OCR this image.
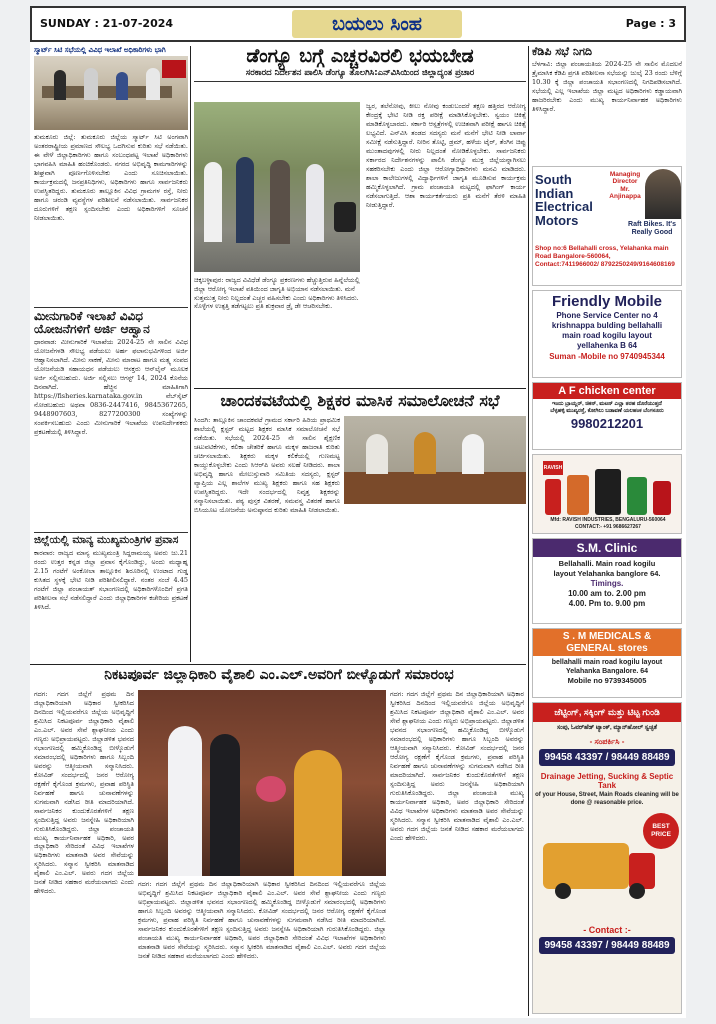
SUNDAY : 21-07-2024	ಬಯಲು ಸಿಂಹ	Page : 3
ಸ್ಮಾರ್ಟ್ ಸಿಟಿ ಸಭೆಯಲ್ಲಿ ವಿವಿಧ ಇಲಾಖೆ ಅಧಿಕಾರಿಗಳು ಭಾಗಿ
ತುಮಕೂರು ಜಿಲ್ಲೆ: ತುಮಕೂರು ಜಿಲ್ಲೆಯ ಸ್ಮಾರ್ಟ್ ಸಿಟಿ ಅಂಗವಾಗಿ ಅಂತರರಾಷ್ಟ್ರೀಯ ಪ್ರಮಾಣದ ಸೌಲಭ್ಯ ಒದಗಿಸುವ ಕುರಿತು ಸಭೆ ನಡೆಯಿತು. ಈ ವೇಳೆ ಜಿಲ್ಲಾಧಿಕಾರಿಗಳು ಹಾಗೂ ಸಂಬಂಧಪಟ್ಟ ಇಲಾಖೆ ಅಧಿಕಾರಿಗಳು ಭಾಗವಹಿಸಿ ಮಾಹಿತಿ ಹಂಚಿಕೊಂಡರು. ನಗರದ ಅಭಿವೃದ್ಧಿ ಕಾಮಗಾರಿಗಳನ್ನು ಶೀಘ್ರವಾಗಿ ಪೂರ್ಣಗೊಳಿಸಬೇಕು ಎಂದು ಸೂಚಿಸಲಾಯಿತು. ಕಾರ್ಯಕ್ರಮದಲ್ಲಿ ಜನಪ್ರತಿನಿಧಿಗಳು, ಅಧಿಕಾರಿಗಳು ಹಾಗೂ ಸಾರ್ವಜನಿಕರು ಉಪಸ್ಥಿತರಿದ್ದರು. ತುಮಕೂರು ತಾಲ್ಲೂಕಿನ ವಿವಿಧ ಗ್ರಾಮಗಳ ರಸ್ತೆ, ನೀರು ಹಾಗೂ ಚರಂಡಿ ವ್ಯವಸ್ಥೆಗಳ ಪರಿಶೀಲನೆ ನಡೆಸಲಾಯಿತು. ಸಾರ್ವಜನಿಕರ ದೂರುಗಳಿಗೆ ತಕ್ಷಣ ಸ್ಪಂದಿಸಬೇಕು ಎಂದು ಅಧಿಕಾರಿಗಳಿಗೆ ಸೂಚನೆ ನೀಡಲಾಯಿತು.
ಮೀನುಗಾರಿಕೆ ಇಲಾಖೆ ವಿವಿಧ ಯೋಜನೆಗಳಿಗೆ ಅರ್ಜಿ ಆಹ್ವಾನ
ಧಾರವಾಡ: ಮೀನುಗಾರಿಕೆ ಇಲಾಖೆಯ 2024-25 ನೇ ಸಾಲಿನ ವಿವಿಧ ಯೋಜನೆಗಳಡಿ ಸೌಲಭ್ಯ ಪಡೆಯಲು ಅರ್ಹ ಫಲಾನುಭವಿಗಳಿಂದ ಅರ್ಜಿ ಆಹ್ವಾನಿಸಲಾಗಿದೆ. ಮೀನು ಸಾಕಣೆ, ಮೀನು ಮಾರಾಟ ಹಾಗೂ ಮತ್ಸ್ಯ ಸಂಪದ ಯೋಜನೆಯಡಿ ಸಹಾಯಧನ ಪಡೆಯಲು ಆಸಕ್ತರು ಆನ್‌ಲೈನ್ ಮೂಲಕ ಅರ್ಜಿ ಸಲ್ಲಿಸಬಹುದು. ಅರ್ಜಿ ಸಲ್ಲಿಸಲು ಆಗಸ್ಟ್ 14, 2024 ಕೊನೆಯ ದಿನವಾಗಿದೆ. ಹೆಚ್ಚಿನ ಮಾಹಿತಿಗಾಗಿ https://fisheries.karnataka.gov.in ವೆಬ್‌ಸೈಟ್ ನೋಡಬಹುದು ಅಥವಾ 0836-2447416, 9845367265, 9448907603, 8277200300 ಸಂಖ್ಯೆಗಳನ್ನು ಸಂಪರ್ಕಿಸಬಹುದು ಎಂದು ಮೀನುಗಾರಿಕೆ ಇಲಾಖೆಯ ಉಪನಿರ್ದೇಶಕರು ಪ್ರಕಟಣೆಯಲ್ಲಿ ತಿಳಿಸಿದ್ದಾರೆ.
ಜಿಲ್ಲೆಯಲ್ಲಿ ಮಾನ್ಯ ಮುಖ್ಯಮಂತ್ರಿಗಳ ಪ್ರವಾಸ
ಕಾರವಾರ: ರಾಜ್ಯದ ಮಾನ್ಯ ಮುಖ್ಯಮಂತ್ರಿ ಸಿದ್ದರಾಮಯ್ಯ ಅವರು ಜು.21 ರಂದು ಉತ್ತರ ಕನ್ನಡ ಜಿಲ್ಲಾ ಪ್ರವಾಸ ಕೈಗೊಂಡಿದ್ದು, ಅಂದು ಮಧ್ಯಾಹ್ನ 2.15 ಗಂಟೆಗೆ ಅಂಕೋಲಾ ತಾಲ್ಲೂಕಿನ ಶಿರೂರಿನಲ್ಲಿ ಉಂಟಾದ ಗುಡ್ಡ ಕುಸಿತದ ಸ್ಥಳಕ್ಕೆ ಭೇಟಿ ನೀಡಿ ಪರಿಶೀಲಿಸಲಿದ್ದಾರೆ. ನಂತರ ಸಂಜೆ 4.45 ಗಂಟೆಗೆ ಜಿಲ್ಲಾ ಪಂಚಾಯತ್ ಸಭಾಂಗಣದಲ್ಲಿ ಅಧಿಕಾರಿಗಳೊಂದಿಗೆ ಪ್ರಗತಿ ಪರಿಶೀಲನಾ ಸಭೆ ನಡೆಸಲಿದ್ದಾರೆ ಎಂದು ಜಿಲ್ಲಾಧಿಕಾರಿಗಳ ಕಚೇರಿಯ ಪ್ರಕಟಣೆ ತಿಳಿಸಿದೆ.
ಡೆಂಗ್ಯೂ ಬಗ್ಗೆ ಎಚ್ಚರವಿರಲಿ ಭಯಬೇಡ
ಸರಕಾರದ ನಿರ್ದೇಶನ ಪಾಲಿಸಿ ಡೆಂಗ್ಯೂ ತೊಲಗಿಸಿ:ಎನ್‌ವಿಸಿಯಿಂದ ಜಿಲ್ಲಾದ್ಯಂತ ಪ್ರಚಾರ
ಚಿಕ್ಕಬಳ್ಳಾಪುರ: ರಾಜ್ಯದ ವಿವಿಧೆಡೆ ಡೆಂಗ್ಯೂ ಪ್ರಕರಣಗಳು ಹೆಚ್ಚುತ್ತಿರುವ ಹಿನ್ನೆಲೆಯಲ್ಲಿ ಜಿಲ್ಲಾ ಆರೋಗ್ಯ ಇಲಾಖೆ ವತಿಯಿಂದ ಜಾಗೃತಿ ಅಭಿಯಾನ ನಡೆಸಲಾಯಿತು. ಮನೆ ಸುತ್ತಮುತ್ತ ನೀರು ನಿಲ್ಲದಂತೆ ಎಚ್ಚರ ವಹಿಸಬೇಕು ಎಂದು ಅಧಿಕಾರಿಗಳು ತಿಳಿಸಿದರು. ಸೊಳ್ಳೆಗಳ ಉತ್ಪತ್ತಿ ತಡೆಗಟ್ಟಲು ಪ್ರತಿ ಶುಕ್ರವಾರ ಡ್ರೈ ಡೇ ಆಚರಿಸಬೇಕು.
ಜ್ವರ, ತಲೆನೋವು, ಕೀಲು ನೋವು ಕಂಡುಬಂದರೆ ತಕ್ಷಣ ಹತ್ತಿರದ ಆರೋಗ್ಯ ಕೇಂದ್ರಕ್ಕೆ ಭೇಟಿ ನೀಡಿ ರಕ್ತ ಪರೀಕ್ಷೆ ಮಾಡಿಸಿಕೊಳ್ಳಬೇಕು. ಸ್ವಯಂ ಚಿಕಿತ್ಸೆ ಮಾಡಿಕೊಳ್ಳಬಾರದು. ಸರ್ಕಾರಿ ಆಸ್ಪತ್ರೆಗಳಲ್ಲಿ ಉಚಿತವಾಗಿ ಪರೀಕ್ಷೆ ಹಾಗೂ ಚಿಕಿತ್ಸೆ ಲಭ್ಯವಿದೆ. ಎನ್‌ವಿಸಿ ತಂಡದ ಸದಸ್ಯರು ಮನೆ ಮನೆಗೆ ಭೇಟಿ ನೀಡಿ ಲಾರ್ವಾ ಸಮೀಕ್ಷೆ ನಡೆಸುತ್ತಿದ್ದಾರೆ. ನೀರಿನ ತೊಟ್ಟಿ, ಡ್ರಮ್, ಹಳೆಯ ಟೈರ್, ತೆಂಗಿನ ಚಿಪ್ಪು ಮುಂತಾದವುಗಳಲ್ಲಿ ನೀರು ನಿಲ್ಲದಂತೆ ನೋಡಿಕೊಳ್ಳಬೇಕು. ಸಾರ್ವಜನಿಕರು ಸರ್ಕಾರದ ನಿರ್ದೇಶನಗಳನ್ನು ಪಾಲಿಸಿ ಡೆಂಗ್ಯೂ ಮುಕ್ತ ಜಿಲ್ಲೆಯನ್ನಾಗಿಸಲು ಸಹಕರಿಸಬೇಕು ಎಂದು ಜಿಲ್ಲಾ ಆರೋಗ್ಯಾಧಿಕಾರಿಗಳು ಮನವಿ ಮಾಡಿದರು. ಶಾಲಾ ಕಾಲೇಜುಗಳಲ್ಲಿ ವಿದ್ಯಾರ್ಥಿಗಳಿಗೆ ಜಾಗೃತಿ ಮೂಡಿಸುವ ಕಾರ್ಯಕ್ರಮ ಹಮ್ಮಿಕೊಳ್ಳಲಾಗಿದೆ. ಗ್ರಾಮ ಪಂಚಾಯತಿ ಮಟ್ಟದಲ್ಲಿ ಫಾಗಿಂಗ್ ಕಾರ್ಯ ನಡೆಸಲಾಗುತ್ತಿದೆ. ಆಶಾ ಕಾರ್ಯಕರ್ತೆಯರು ಪ್ರತಿ ಮನೆಗೆ ತೆರಳಿ ಮಾಹಿತಿ ನೀಡುತ್ತಿದ್ದಾರೆ.
ಚಾಂದಕವಟೆಯಲ್ಲಿ ಶಿಕ್ಷಕರ ಮಾಸಿಕ ಸಮಾಲೋಚನೆ ಸಭೆ
ಸಿಂದಗಿ: ತಾಲ್ಲೂಕಿನ ಚಾಂದಕವಟೆ ಗ್ರಾಮದ ಸರ್ಕಾರಿ ಹಿರಿಯ ಪ್ರಾಥಮಿಕ ಶಾಲೆಯಲ್ಲಿ ಕ್ಲಸ್ಟರ್ ಮಟ್ಟದ ಶಿಕ್ಷಕರ ಮಾಸಿಕ ಸಮಾಲೋಚನೆ ಸಭೆ ನಡೆಯಿತು. ಸಭೆಯಲ್ಲಿ 2024-25 ನೇ ಸಾಲಿನ ಶೈಕ್ಷಣಿಕ ಚಟುವಟಿಕೆಗಳು, ಕಲಿಕಾ ಚೇತರಿಕೆ ಹಾಗೂ ಮಕ್ಕಳ ಹಾಜರಾತಿ ಕುರಿತು ಚರ್ಚಿಸಲಾಯಿತು. ಶಿಕ್ಷಕರು ಮಕ್ಕಳ ಕಲಿಕೆಯಲ್ಲಿ ಗುಣಮಟ್ಟ ಕಾಯ್ದುಕೊಳ್ಳಬೇಕು ಎಂದು ಸಿಆರ್‌ಪಿ ಅವರು ಸಲಹೆ ನೀಡಿದರು. ಶಾಲಾ ಅಭಿವೃದ್ಧಿ ಹಾಗೂ ಮೇಲುಸ್ತುವಾರಿ ಸಮಿತಿಯ ಸದಸ್ಯರು, ಕ್ಲಸ್ಟರ್ ವ್ಯಾಪ್ತಿಯ ಎಲ್ಲ ಶಾಲೆಗಳ ಮುಖ್ಯ ಶಿಕ್ಷಕರು ಹಾಗೂ ಸಹ ಶಿಕ್ಷಕರು ಉಪಸ್ಥಿತರಿದ್ದರು. ಇದೇ ಸಂದರ್ಭದಲ್ಲಿ ನಿವೃತ್ತ ಶಿಕ್ಷಕರನ್ನು ಸನ್ಮಾನಿಸಲಾಯಿತು. ಪಠ್ಯ ಪುಸ್ತಕ ವಿತರಣೆ, ಸಮವಸ್ತ್ರ ವಿತರಣೆ ಹಾಗೂ ಬಿಸಿಯೂಟ ಯೋಜನೆಯ ಅನುಷ್ಠಾನದ ಕುರಿತು ಮಾಹಿತಿ ನೀಡಲಾಯಿತು.
ನಿಕಟಪೂರ್ವ ಜಿಲ್ಲಾಧಿಕಾರಿ ವೈಶಾಲಿ ಎಂ.ಎಲ್.ಅವರಿಗೆ ಬೀಳ್ಕೊಡುಗೆ ಸಮಾರಂಭ
ಗದಗ: ಗದಗ ಜಿಲ್ಲೆಗೆ ಪ್ರಥಮ ದಿನ ಜಿಲ್ಲಾಧಿಕಾರಿಯಾಗಿ ಅಧಿಕಾರ ಸ್ವೀಕರಿಸಿದ ದಿನದಿಂದ ಇಲ್ಲಿಯವರೆಗೂ ಜಿಲ್ಲೆಯ ಅಭಿವೃದ್ಧಿಗೆ ಶ್ರಮಿಸಿದ ನಿಕಟಪೂರ್ವ ಜಿಲ್ಲಾಧಿಕಾರಿ ವೈಶಾಲಿ ಎಂ.ಎಲ್. ಅವರ ಸೇವೆ ಶ್ಲಾಘನೀಯ ಎಂದು ಗಣ್ಯರು ಅಭಿಪ್ರಾಯಪಟ್ಟರು. ಜಿಲ್ಲಾಡಳಿತ ಭವನದ ಸಭಾಂಗಣದಲ್ಲಿ ಹಮ್ಮಿಕೊಂಡಿದ್ದ ಬೀಳ್ಕೊಡುಗೆ ಸಮಾರಂಭದಲ್ಲಿ ಅಧಿಕಾರಿಗಳು ಹಾಗೂ ಸಿಬ್ಬಂದಿ ಅವರನ್ನು ಆತ್ಮೀಯವಾಗಿ ಸನ್ಮಾನಿಸಿದರು. ಕೋವಿಡ್ ಸಂದರ್ಭದಲ್ಲಿ ಜನರ ಆರೋಗ್ಯ ರಕ್ಷಣೆಗೆ ಕೈಗೊಂಡ ಕ್ರಮಗಳು, ಪ್ರವಾಹ ಪರಿಸ್ಥಿತಿ ನಿರ್ವಹಣೆ ಹಾಗೂ ಚುನಾವಣೆಗಳನ್ನು ಸುಗಮವಾಗಿ ನಡೆಸಿದ ರೀತಿ ಮಾದರಿಯಾಗಿದೆ. ಸಾರ್ವಜನಿಕರ ಕುಂದುಕೊರತೆಗಳಿಗೆ ತಕ್ಷಣ ಸ್ಪಂದಿಸುತ್ತಿದ್ದ ಅವರು ಜನಸ್ನೇಹಿ ಅಧಿಕಾರಿಯಾಗಿ ಗುರುತಿಸಿಕೊಂಡಿದ್ದರು. ಜಿಲ್ಲಾ ಪಂಚಾಯತಿ ಮುಖ್ಯ ಕಾರ್ಯನಿರ್ವಾಹಕ ಅಧಿಕಾರಿ, ಅಪರ ಜಿಲ್ಲಾಧಿಕಾರಿ ಸೇರಿದಂತೆ ವಿವಿಧ ಇಲಾಖೆಗಳ ಅಧಿಕಾರಿಗಳು ಮಾತನಾಡಿ ಅವರ ಸೇವೆಯನ್ನು ಸ್ಮರಿಸಿದರು. ಸನ್ಮಾನ ಸ್ವೀಕರಿಸಿ ಮಾತನಾಡಿದ ವೈಶಾಲಿ ಎಂ.ಎಲ್. ಅವರು ಗದಗ ಜಿಲ್ಲೆಯ ಜನತೆ ನೀಡಿದ ಸಹಕಾರ ಮರೆಯಲಾಗದು ಎಂದು ಹೇಳಿದರು.
ಗದಗ: ಗದಗ ಜಿಲ್ಲೆಗೆ ಪ್ರಥಮ ದಿನ ಜಿಲ್ಲಾಧಿಕಾರಿಯಾಗಿ ಅಧಿಕಾರ ಸ್ವೀಕರಿಸಿದ ದಿನದಿಂದ ಇಲ್ಲಿಯವರೆಗೂ ಜಿಲ್ಲೆಯ ಅಭಿವೃದ್ಧಿಗೆ ಶ್ರಮಿಸಿದ ನಿಕಟಪೂರ್ವ ಜಿಲ್ಲಾಧಿಕಾರಿ ವೈಶಾಲಿ ಎಂ.ಎಲ್. ಅವರ ಸೇವೆ ಶ್ಲಾಘನೀಯ ಎಂದು ಗಣ್ಯರು ಅಭಿಪ್ರಾಯಪಟ್ಟರು. ಜಿಲ್ಲಾಡಳಿತ ಭವನದ ಸಭಾಂಗಣದಲ್ಲಿ ಹಮ್ಮಿಕೊಂಡಿದ್ದ ಬೀಳ್ಕೊಡುಗೆ ಸಮಾರಂಭದಲ್ಲಿ ಅಧಿಕಾರಿಗಳು ಹಾಗೂ ಸಿಬ್ಬಂದಿ ಅವರನ್ನು ಆತ್ಮೀಯವಾಗಿ ಸನ್ಮಾನಿಸಿದರು. ಕೋವಿಡ್ ಸಂದರ್ಭದಲ್ಲಿ ಜನರ ಆರೋಗ್ಯ ರಕ್ಷಣೆಗೆ ಕೈಗೊಂಡ ಕ್ರಮಗಳು, ಪ್ರವಾಹ ಪರಿಸ್ಥಿತಿ ನಿರ್ವಹಣೆ ಹಾಗೂ ಚುನಾವಣೆಗಳನ್ನು ಸುಗಮವಾಗಿ ನಡೆಸಿದ ರೀತಿ ಮಾದರಿಯಾಗಿದೆ. ಸಾರ್ವಜನಿಕರ ಕುಂದುಕೊರತೆಗಳಿಗೆ ತಕ್ಷಣ ಸ್ಪಂದಿಸುತ್ತಿದ್ದ ಅವರು ಜನಸ್ನೇಹಿ ಅಧಿಕಾರಿಯಾಗಿ ಗುರುತಿಸಿಕೊಂಡಿದ್ದರು. ಜಿಲ್ಲಾ ಪಂಚಾಯತಿ ಮುಖ್ಯ ಕಾರ್ಯನಿರ್ವಾಹಕ ಅಧಿಕಾರಿ, ಅಪರ ಜಿಲ್ಲಾಧಿಕಾರಿ ಸೇರಿದಂತೆ ವಿವಿಧ ಇಲಾಖೆಗಳ ಅಧಿಕಾರಿಗಳು ಮಾತನಾಡಿ ಅವರ ಸೇವೆಯನ್ನು ಸ್ಮರಿಸಿದರು. ಸನ್ಮಾನ ಸ್ವೀಕರಿಸಿ ಮಾತನಾಡಿದ ವೈಶಾಲಿ ಎಂ.ಎಲ್. ಅವರು ಗದಗ ಜಿಲ್ಲೆಯ ಜನತೆ ನೀಡಿದ ಸಹಕಾರ ಮರೆಯಲಾಗದು ಎಂದು ಹೇಳಿದರು.
ಗದಗ: ಗದಗ ಜಿಲ್ಲೆಗೆ ಪ್ರಥಮ ದಿನ ಜಿಲ್ಲಾಧಿಕಾರಿಯಾಗಿ ಅಧಿಕಾರ ಸ್ವೀಕರಿಸಿದ ದಿನದಿಂದ ಇಲ್ಲಿಯವರೆಗೂ ಜಿಲ್ಲೆಯ ಅಭಿವೃದ್ಧಿಗೆ ಶ್ರಮಿಸಿದ ನಿಕಟಪೂರ್ವ ಜಿಲ್ಲಾಧಿಕಾರಿ ವೈಶಾಲಿ ಎಂ.ಎಲ್. ಅವರ ಸೇವೆ ಶ್ಲಾಘನೀಯ ಎಂದು ಗಣ್ಯರು ಅಭಿಪ್ರಾಯಪಟ್ಟರು. ಜಿಲ್ಲಾಡಳಿತ ಭವನದ ಸಭಾಂಗಣದಲ್ಲಿ ಹಮ್ಮಿಕೊಂಡಿದ್ದ ಬೀಳ್ಕೊಡುಗೆ ಸಮಾರಂಭದಲ್ಲಿ ಅಧಿಕಾರಿಗಳು ಹಾಗೂ ಸಿಬ್ಬಂದಿ ಅವರನ್ನು ಆತ್ಮೀಯವಾಗಿ ಸನ್ಮಾನಿಸಿದರು. ಕೋವಿಡ್ ಸಂದರ್ಭದಲ್ಲಿ ಜನರ ಆರೋಗ್ಯ ರಕ್ಷಣೆಗೆ ಕೈಗೊಂಡ ಕ್ರಮಗಳು, ಪ್ರವಾಹ ಪರಿಸ್ಥಿತಿ ನಿರ್ವಹಣೆ ಹಾಗೂ ಚುನಾವಣೆಗಳನ್ನು ಸುಗಮವಾಗಿ ನಡೆಸಿದ ರೀತಿ ಮಾದರಿಯಾಗಿದೆ. ಸಾರ್ವಜನಿಕರ ಕುಂದುಕೊರತೆಗಳಿಗೆ ತಕ್ಷಣ ಸ್ಪಂದಿಸುತ್ತಿದ್ದ ಅವರು ಜನಸ್ನೇಹಿ ಅಧಿಕಾರಿಯಾಗಿ ಗುರುತಿಸಿಕೊಂಡಿದ್ದರು. ಜಿಲ್ಲಾ ಪಂಚಾಯತಿ ಮುಖ್ಯ ಕಾರ್ಯನಿರ್ವಾಹಕ ಅಧಿಕಾರಿ, ಅಪರ ಜಿಲ್ಲಾಧಿಕಾರಿ ಸೇರಿದಂತೆ ವಿವಿಧ ಇಲಾಖೆಗಳ ಅಧಿಕಾರಿಗಳು ಮಾತನಾಡಿ ಅವರ ಸೇವೆಯನ್ನು ಸ್ಮರಿಸಿದರು. ಸನ್ಮಾನ ಸ್ವೀಕರಿಸಿ ಮಾತನಾಡಿದ ವೈಶಾಲಿ ಎಂ.ಎಲ್. ಅವರು ಗದಗ ಜಿಲ್ಲೆಯ ಜನತೆ ನೀಡಿದ ಸಹಕಾರ ಮರೆಯಲಾಗದು ಎಂದು ಹೇಳಿದರು.
ಕೆಡಿಪಿ ಸಭೆ ನಿಗದಿ
ಬೆಳಗಾವಿ: ಜಿಲ್ಲಾ ಪಂಚಾಯತಿಯ 2024-25 ನೇ ಸಾಲಿನ ಮೊದಲನೆ ತ್ರೈಮಾಸಿಕ ಕೆಡಿಪಿ ಪ್ರಗತಿ ಪರಿಶೀಲನಾ ಸಭೆಯನ್ನು ಜುಲೈ 23 ರಂದು ಬೆಳಿಗ್ಗೆ 10.30 ಕ್ಕೆ ಜಿಲ್ಲಾ ಪಂಚಾಯತಿ ಸಭಾಂಗಣದಲ್ಲಿ ನಿಗದಿಪಡಿಸಲಾಗಿದೆ. ಸಭೆಯಲ್ಲಿ ಎಲ್ಲ ಇಲಾಖೆಯ ಜಿಲ್ಲಾ ಮಟ್ಟದ ಅಧಿಕಾರಿಗಳು ಕಡ್ಡಾಯವಾಗಿ ಹಾಜರಿರಬೇಕು ಎಂದು ಮುಖ್ಯ ಕಾರ್ಯನಿರ್ವಾಹಕ ಅಧಿಕಾರಿಗಳು ತಿಳಿಸಿದ್ದಾರೆ.
South
Indian
Electrical
Motors
Managing Director
Mr. Anjinappa
Raft Bikes. It's Really Good
Shop no:6 Bellahalli cross, Yelahanka main Road Bangalore-560064,
Contact:7411966002/ 8792250249/9164608169
Friendly Mobile
Phone Service Center no 4
krishnappa bulding bellahalli
main road kogilu layout
yellahenka B 64
Suman -Mobile no 9740945344
A F chicken center
ಇಂದು ಬ್ರಾಯ್ಲರ್, ಚಿಕನ್, ಮಟನ್ ಎಲ್ಲಾ ತರಹ ದೊರೆಯುತ್ತದೆ
ಬೆಳ್ಳಹಳ್ಳಿ ಮುಖ್ಯರಸ್ತೆ, ಕೋಗಿಲು ಬಡಾವಣೆ ಯಲಹಂಕ ಬೆಂಗಳೂರು
9980212201
RAVISH
Mfd: RAVISH INDUSTRIES, BENGALURU-560064
CONTACT:- +91 9686627267
S.M. Clinic
Bellahalli. Main road kogilu
layout Yelahanka banglore 64.
Timings.
10.00 am to. 2.00 pm
4.00. Pm to. 9.00 pm
S . M MEDICALS &
GENERAL stores
bellahalli main road kogilu layout
Yelahanka Bangalore. 64
Mobile no 9739345005
ಜೆಟ್ಟಿಂಗ್, ಸಕ್ಕಿಂಗ್ ಮತ್ತು ಟಿಟ್ಟ ಗುಂಡಿ
ಸಂಪು, ಓವರ್‌ಹೆಡ್ ಟ್ಯಾಂಕ್, ಮ್ಯಾನ್‌ಹೋಲ್ ಸ್ವಚ್ಛತೆ
- ಸಂಪರ್ಕಿಸಿ -
99458 43397 / 98449 88489
Drainage Jetting, Sucking & Septic Tank
of your House, Street, Main Roads cleaning will be
done @ reasonable price.
BEST
PRICE
- Contact :-
99458 43397 / 98449 88489
